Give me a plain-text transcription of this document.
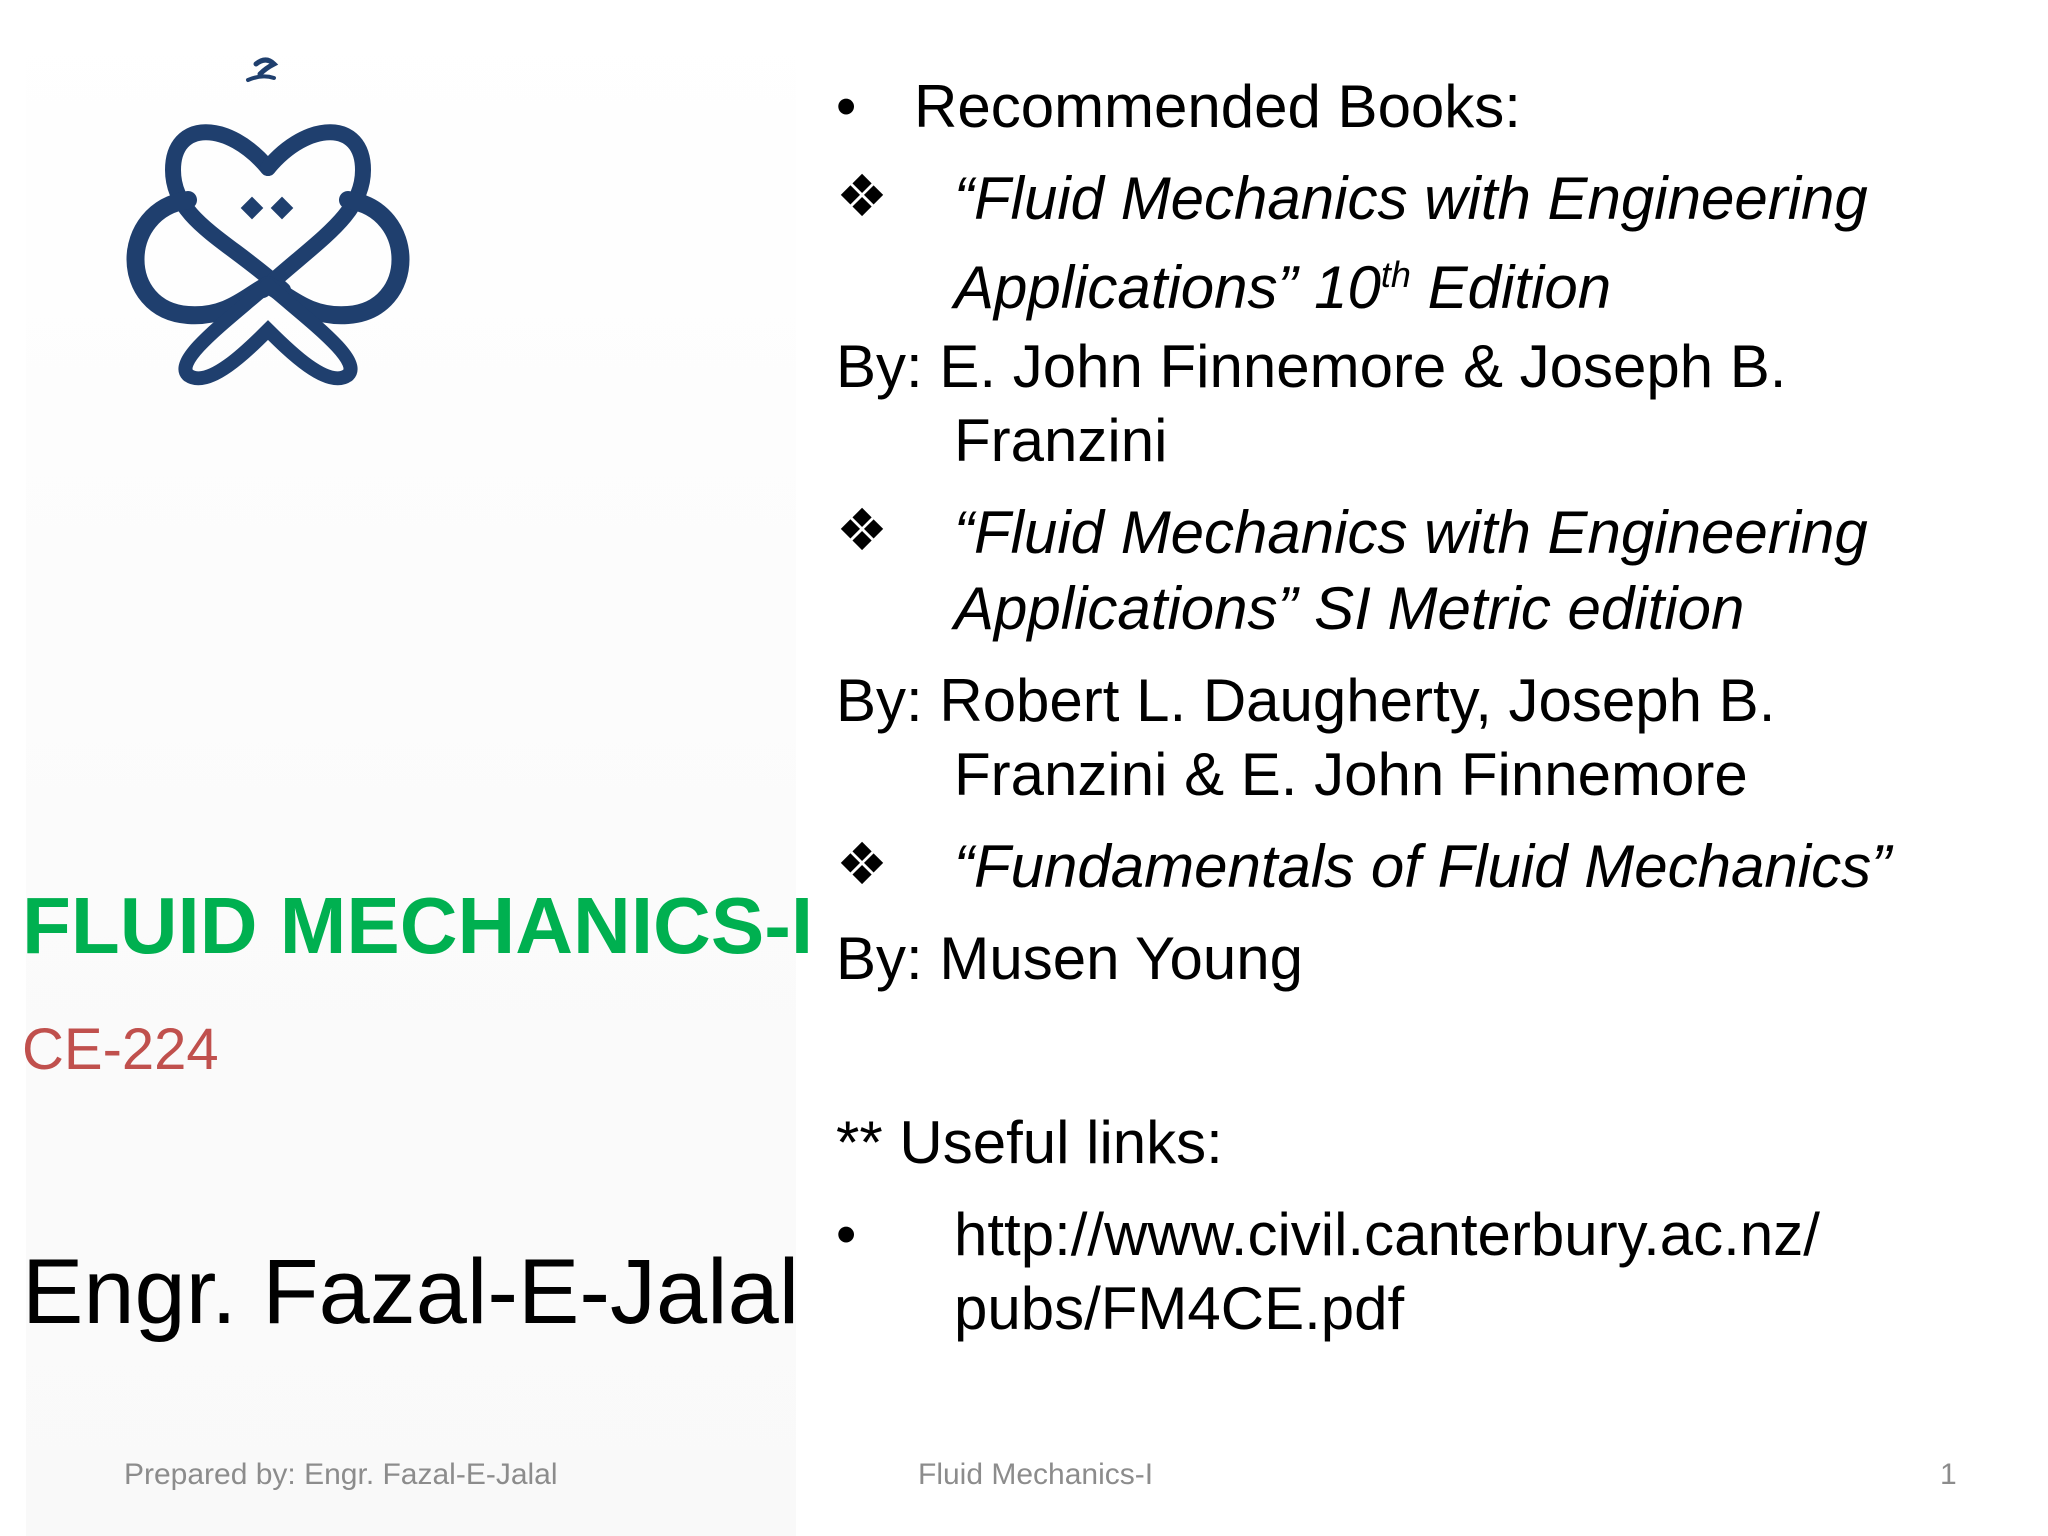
FLUID MECHANICS-I
CE-224
Engr. Fazal-E-Jalal
• Recommended Books:
❖ “Fluid Mechanics with Engineering
Applications” 10th Edition
By: E. John Finnemore & Joseph B.
Franzini
❖ “Fluid Mechanics with Engineering
Applications” SI Metric edition
By: Robert L. Daugherty, Joseph B.
Franzini & E. John Finnemore
❖ “Fundamentals of Fluid Mechanics”
By: Musen Young
** Useful links:
• http://www.civil.canterbury.ac.nz/
pubs/FM4CE.pdf
Prepared by: Engr. Fazal-E-Jalal	Fluid Mechanics-I	1
